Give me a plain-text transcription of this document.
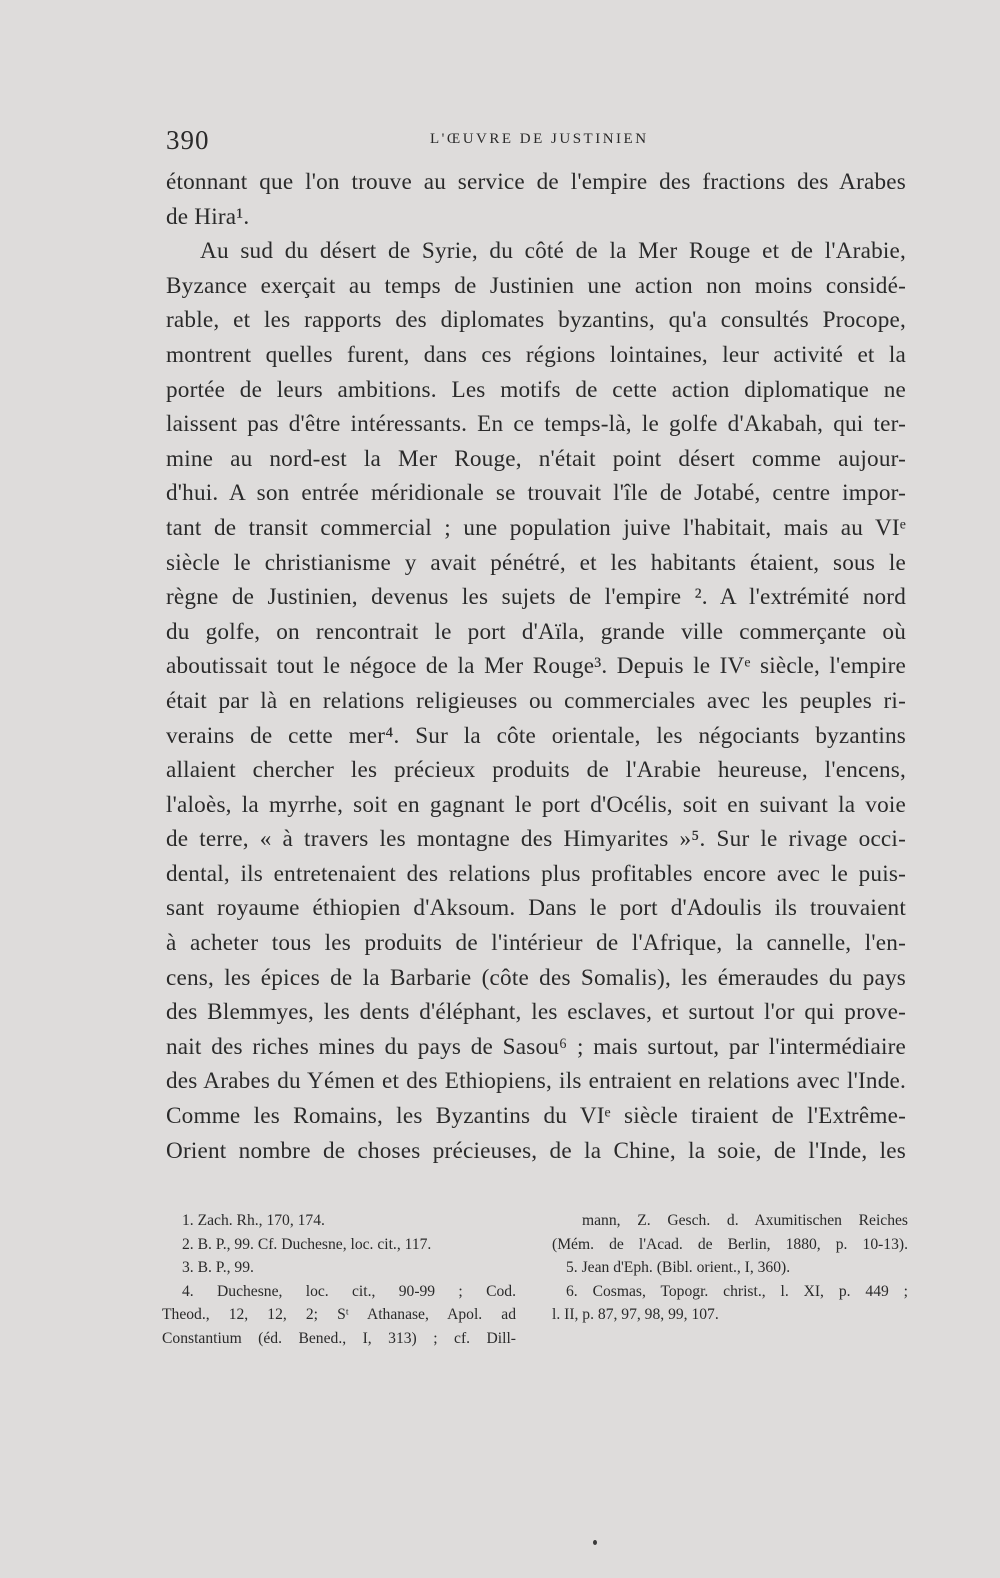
390	L'ŒUVRE DE JUSTINIEN
étonnant que l'on trouve au service de l'empire des fractions des Arabes
de Hira¹.
Au sud du désert de Syrie, du côté de la Mer Rouge et de l'Arabie,
Byzance exerçait au temps de Justinien une action non moins considé-
rable, et les rapports des diplomates byzantins, qu'a consultés Procope,
montrent quelles furent, dans ces régions lointaines, leur activité et la
portée de leurs ambitions. Les motifs de cette action diplomatique ne
laissent pas d'être intéressants. En ce temps-là, le golfe d'Akabah, qui ter-
mine au nord-est la Mer Rouge, n'était point désert comme aujour-
d'hui. A son entrée méridionale se trouvait l'île de Jotabé, centre impor-
tant de transit commercial ; une population juive l'habitait, mais au VIᵉ
siècle le christianisme y avait pénétré, et les habitants étaient, sous le
règne de Justinien, devenus les sujets de l'empire ². A l'extrémité nord
du golfe, on rencontrait le port d'Aïla, grande ville commerçante où
aboutissait tout le négoce de la Mer Rouge³. Depuis le IVᵉ siècle, l'empire
était par là en relations religieuses ou commerciales avec les peuples ri-
verains de cette mer⁴. Sur la côte orientale, les négociants byzantins
allaient chercher les précieux produits de l'Arabie heureuse, l'encens,
l'aloès, la myrrhe, soit en gagnant le port d'Océlis, soit en suivant la voie
de terre, « à travers les montagne des Himyarites »⁵. Sur le rivage occi-
dental, ils entretenaient des relations plus profitables encore avec le puis-
sant royaume éthiopien d'Aksoum. Dans le port d'Adoulis ils trouvaient
à acheter tous les produits de l'intérieur de l'Afrique, la cannelle, l'en-
cens, les épices de la Barbarie (côte des Somalis), les émeraudes du pays
des Blemmyes, les dents d'éléphant, les esclaves, et surtout l'or qui prove-
nait des riches mines du pays de Sasou⁶ ; mais surtout, par l'intermédiaire
des Arabes du Yémen et des Ethiopiens, ils entraient en relations avec l'Inde.
Comme les Romains, les Byzantins du VIᵉ siècle tiraient de l'Extrême-
Orient nombre de choses précieuses, de la Chine, la soie, de l'Inde, les
1. Zach. Rh., 170, 174.
2. B. P., 99. Cf. Duchesne, loc. cit., 117.
3. B. P., 99.
4. Duchesne, loc. cit., 90-99 ; Cod.
Theod., 12, 12, 2; Sᵗ Athanase, Apol. ad
Constantium (éd. Bened., I, 313) ; cf. Dill-
mann, Z. Gesch. d. Axumitischen Reiches
(Mém. de l'Acad. de Berlin, 1880, p. 10-13).
5. Jean d'Eph. (Bibl. orient., I, 360).
6. Cosmas, Topogr. christ., l. XI, p. 449 ;
l. II, p. 87, 97, 98, 99, 107.
